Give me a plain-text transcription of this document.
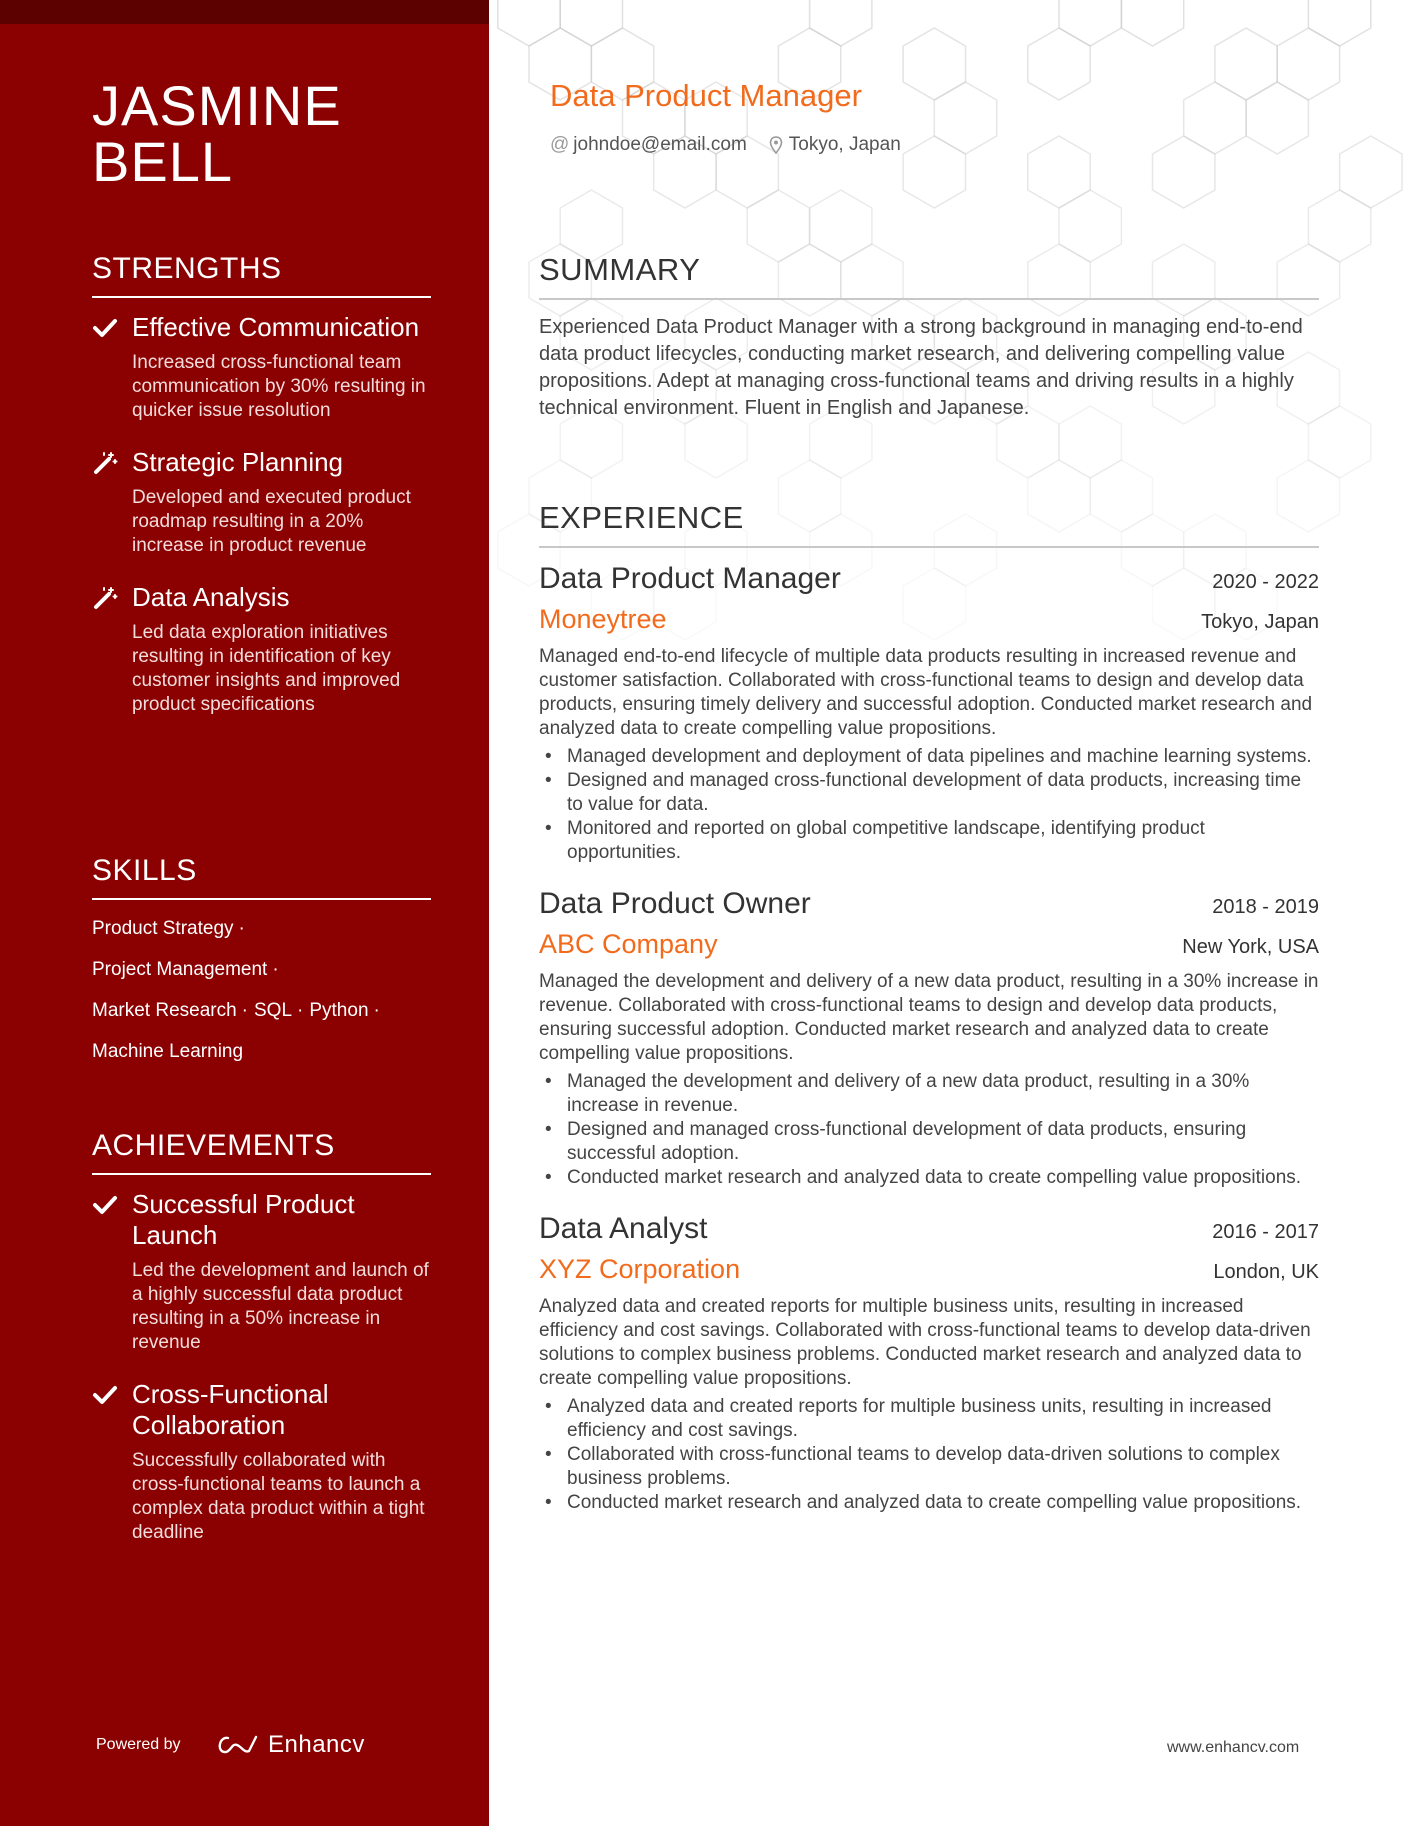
JASMINE
BELL
STRENGTHS
Effective Communication
Increased cross-functional team communication by 30% resulting in quicker issue resolution
Strategic Planning
Developed and executed product roadmap resulting in a 20% increase in product revenue
Data Analysis
Led data exploration initiatives resulting in identification of key customer insights and improved product specifications
SKILLS
Product Strategy ·
Project Management ·
Market Research · SQL · Python ·
Machine Learning
ACHIEVEMENTS
Successful Product Launch
Led the development and launch of a highly successful data product resulting in a 50% increase in revenue
Cross-Functional Collaboration
Successfully collaborated with cross-functional teams to launch a complex data product within a tight deadline
Powered by	Enhancv
Data Product Manager
@ johndoe@email.com Tokyo, Japan
SUMMARY
Experienced Data Product Manager with a strong background in managing end-to-end data product lifecycles, conducting market research, and delivering compelling value propositions. Adept at managing cross-functional teams and driving results in a highly technical environment. Fluent in English and Japanese.
EXPERIENCE
Data Product Manager	2020 - 2022
Moneytree	Tokyo, Japan
Managed end-to-end lifecycle of multiple data products resulting in increased revenue and customer satisfaction. Collaborated with cross-functional teams to design and develop data products, ensuring timely delivery and successful adoption. Conducted market research and analyzed data to create compelling value propositions.
• Managed development and deployment of data pipelines and machine learning systems.
• Designed and managed cross-functional development of data products, increasing time to value for data.
• Monitored and reported on global competitive landscape, identifying product opportunities.
Data Product Owner	2018 - 2019
ABC Company	New York, USA
Managed the development and delivery of a new data product, resulting in a 30% increase in revenue. Collaborated with cross-functional teams to design and develop data products, ensuring successful adoption. Conducted market research and analyzed data to create compelling value propositions.
• Managed the development and delivery of a new data product, resulting in a 30% increase in revenue.
• Designed and managed cross-functional development of data products, ensuring successful adoption.
• Conducted market research and analyzed data to create compelling value propositions.
Data Analyst	2016 - 2017
XYZ Corporation	London, UK
Analyzed data and created reports for multiple business units, resulting in increased efficiency and cost savings. Collaborated with cross-functional teams to develop data-driven solutions to complex business problems. Conducted market research and analyzed data to create compelling value propositions.
• Analyzed data and created reports for multiple business units, resulting in increased efficiency and cost savings.
• Collaborated with cross-functional teams to develop data-driven solutions to complex business problems.
• Conducted market research and analyzed data to create compelling value propositions.
www.enhancv.com
